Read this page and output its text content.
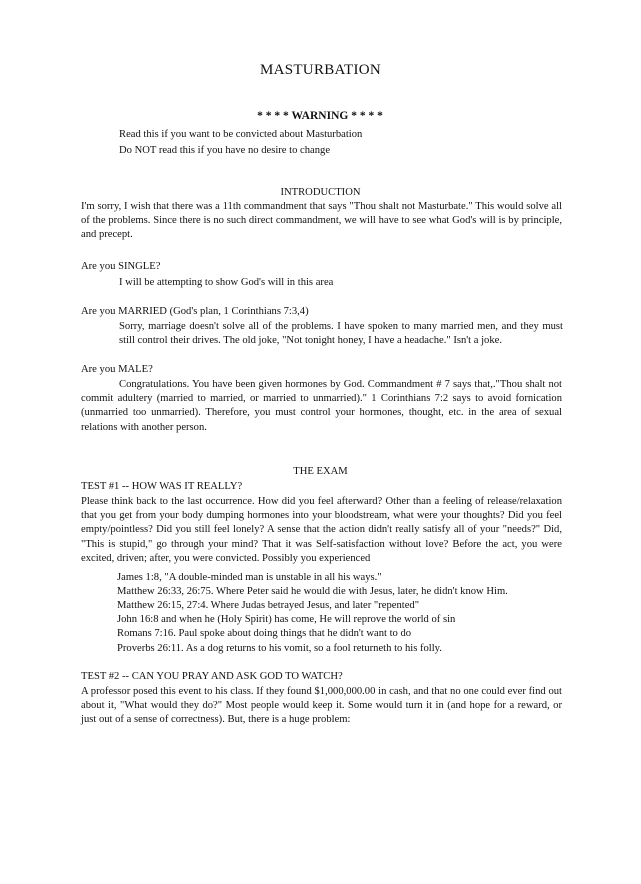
MASTURBATION
* * * * WARNING * * * *
Read this if you want to be convicted about Masturbation
Do NOT read this if you have no desire to change
INTRODUCTION
I'm sorry, I wish that there was a 11th commandment that says "Thou shalt not Masturbate." This would solve all of the problems. Since there is no such direct commandment, we will have to see what God's will is by principle, and precept.
Are you SINGLE?
I will be attempting to show God's will in this area
Are you MARRIED (God's plan, 1 Corinthians 7:3,4)
Sorry, marriage doesn't solve all of the problems. I have spoken to many married men, and they must still control their drives. The old joke, "Not tonight honey, I have a headache." Isn't a joke.
Are you MALE?
Congratulations. You have been given hormones by God. Commandment # 7 says that,."Thou shalt not commit adultery (married to married, or married to unmarried)." 1 Corinthians 7:2 says to avoid fornication (unmarried too unmarried). Therefore, you must control your hormones, thought, etc. in the area of sexual relations with another person.
THE EXAM
TEST #1 -- HOW WAS IT REALLY?
Please think back to the last occurrence. How did you feel afterward? Other than a feeling of release/relaxation that you get from your body dumping hormones into your bloodstream, what were your thoughts? Did you feel empty/pointless? Did you still feel lonely? A sense that the action didn't really satisfy all of your "needs?" Did, "This is stupid," go through your mind? That it was Self-satisfaction without love? Before the act, you were excited, driven; after, you were convicted. Possibly you experienced
James 1:8, "A double-minded man is unstable in all his ways."
Matthew 26:33, 26:75. Where Peter said he would die with Jesus, later, he didn't know Him.
Matthew 26:15, 27:4. Where Judas betrayed Jesus, and later "repented"
John 16:8 and when he (Holy Spirit) has come, He will reprove the world of sin
Romans 7:16. Paul spoke about doing things that he didn't want to do
Proverbs 26:11. As a dog returns to his vomit, so a fool returneth to his folly.
TEST #2 -- CAN YOU PRAY AND ASK GOD TO WATCH?
A professor posed this event to his class. If they found $1,000,000.00 in cash, and that no one could ever find out about it, "What would they do?" Most people would keep it. Some would turn it in (and hope for a reward, or just out of a sense of correctness). But, there is a huge problem:
